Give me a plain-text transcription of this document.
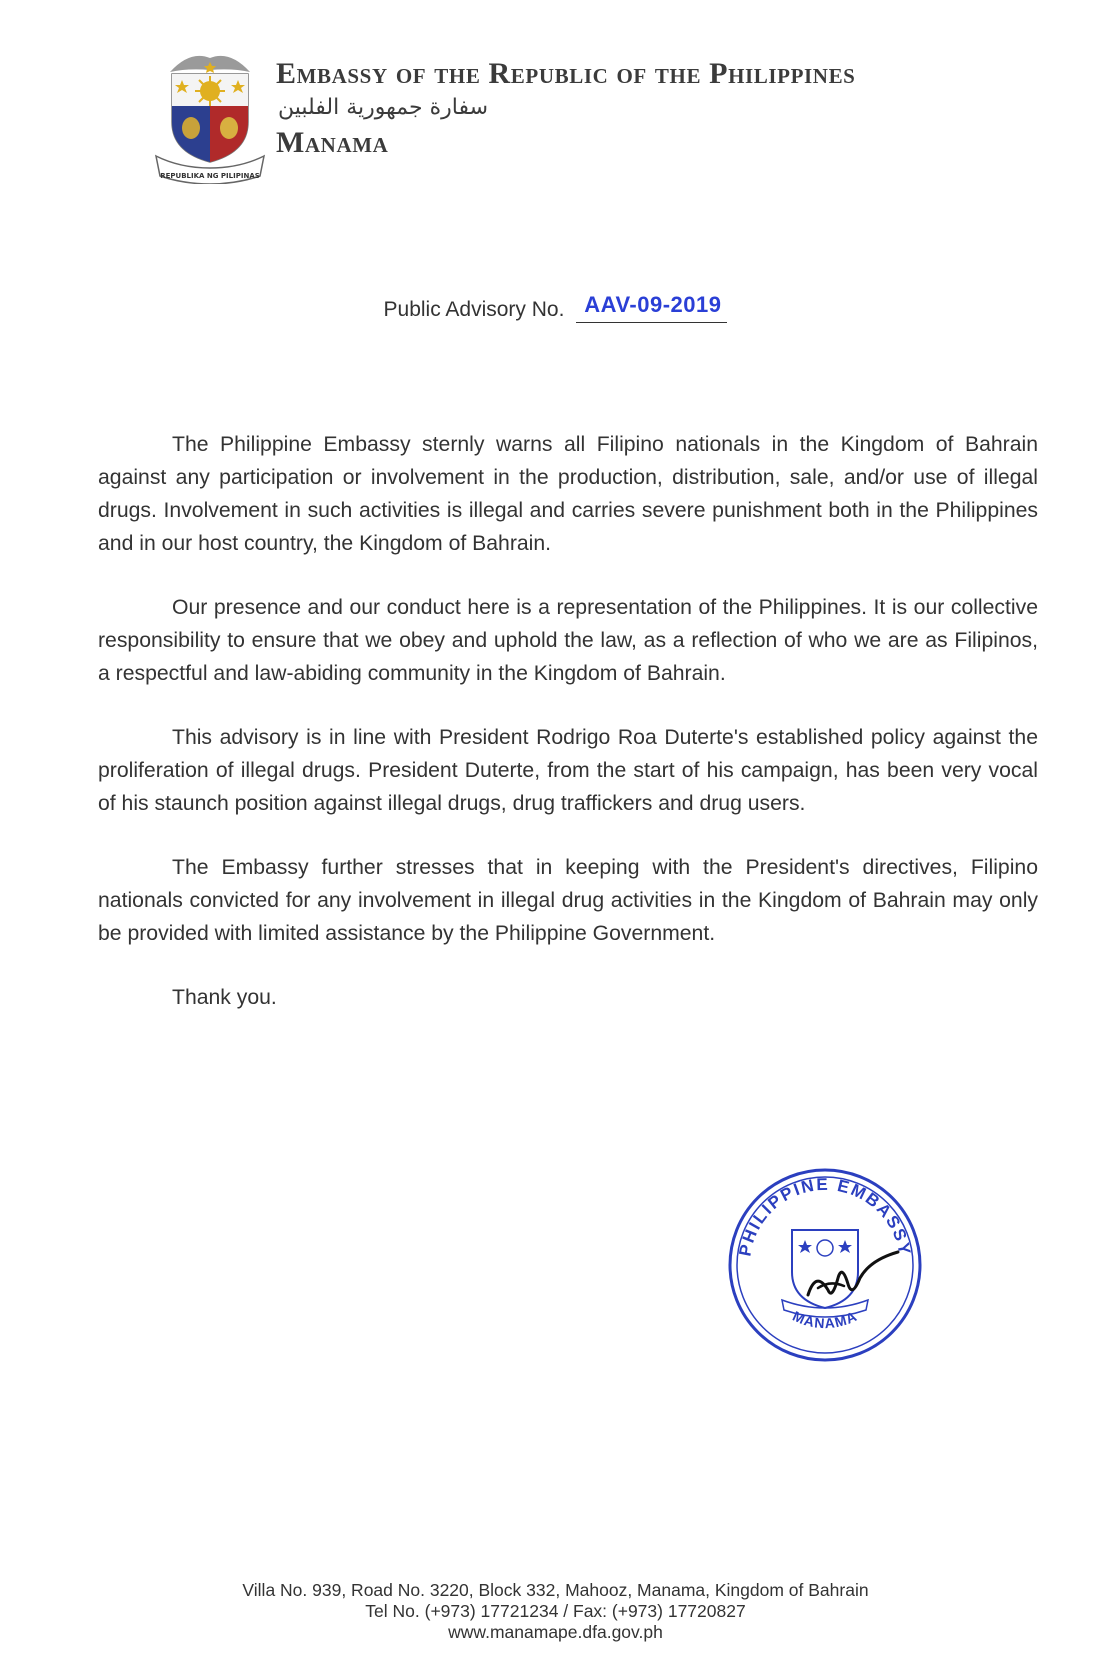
REPUBLIKA NG PILIPINAS
Embassy of the Republic of the Philippines
سفارة جمهورية الفلبين
Manama
Public Advisory No. AAV-09-2019

The Philippine Embassy sternly warns all Filipino nationals in the Kingdom of Bahrain against any participation or involvement in the production, distribution, sale, and/or use of illegal drugs. Involvement in such activities is illegal and carries severe punishment both in the Philippines and in our host country, the Kingdom of Bahrain.

Our presence and our conduct here is a representation of the Philippines. It is our collective responsibility to ensure that we obey and uphold the law, as a reflection of who we are as Filipinos, a respectful and law-abiding community in the Kingdom of Bahrain.

This advisory is in line with President Rodrigo Roa Duterte's established policy against the proliferation of illegal drugs. President Duterte, from the start of his campaign, has been very vocal of his staunch position against illegal drugs, drug traffickers and drug users.

The Embassy further stresses that in keeping with the President's directives, Filipino nationals convicted for any involvement in illegal drug activities in the Kingdom of Bahrain may only be provided with limited assistance by the Philippine Government.

Thank you.

PHILIPPINE EMBASSY
MANAMA
Villa No. 939, Road No. 3220, Block 332, Mahooz, Manama, Kingdom of Bahrain
Tel No. (+973) 17721234 / Fax: (+973) 17720827
www.manamape.dfa.gov.ph
